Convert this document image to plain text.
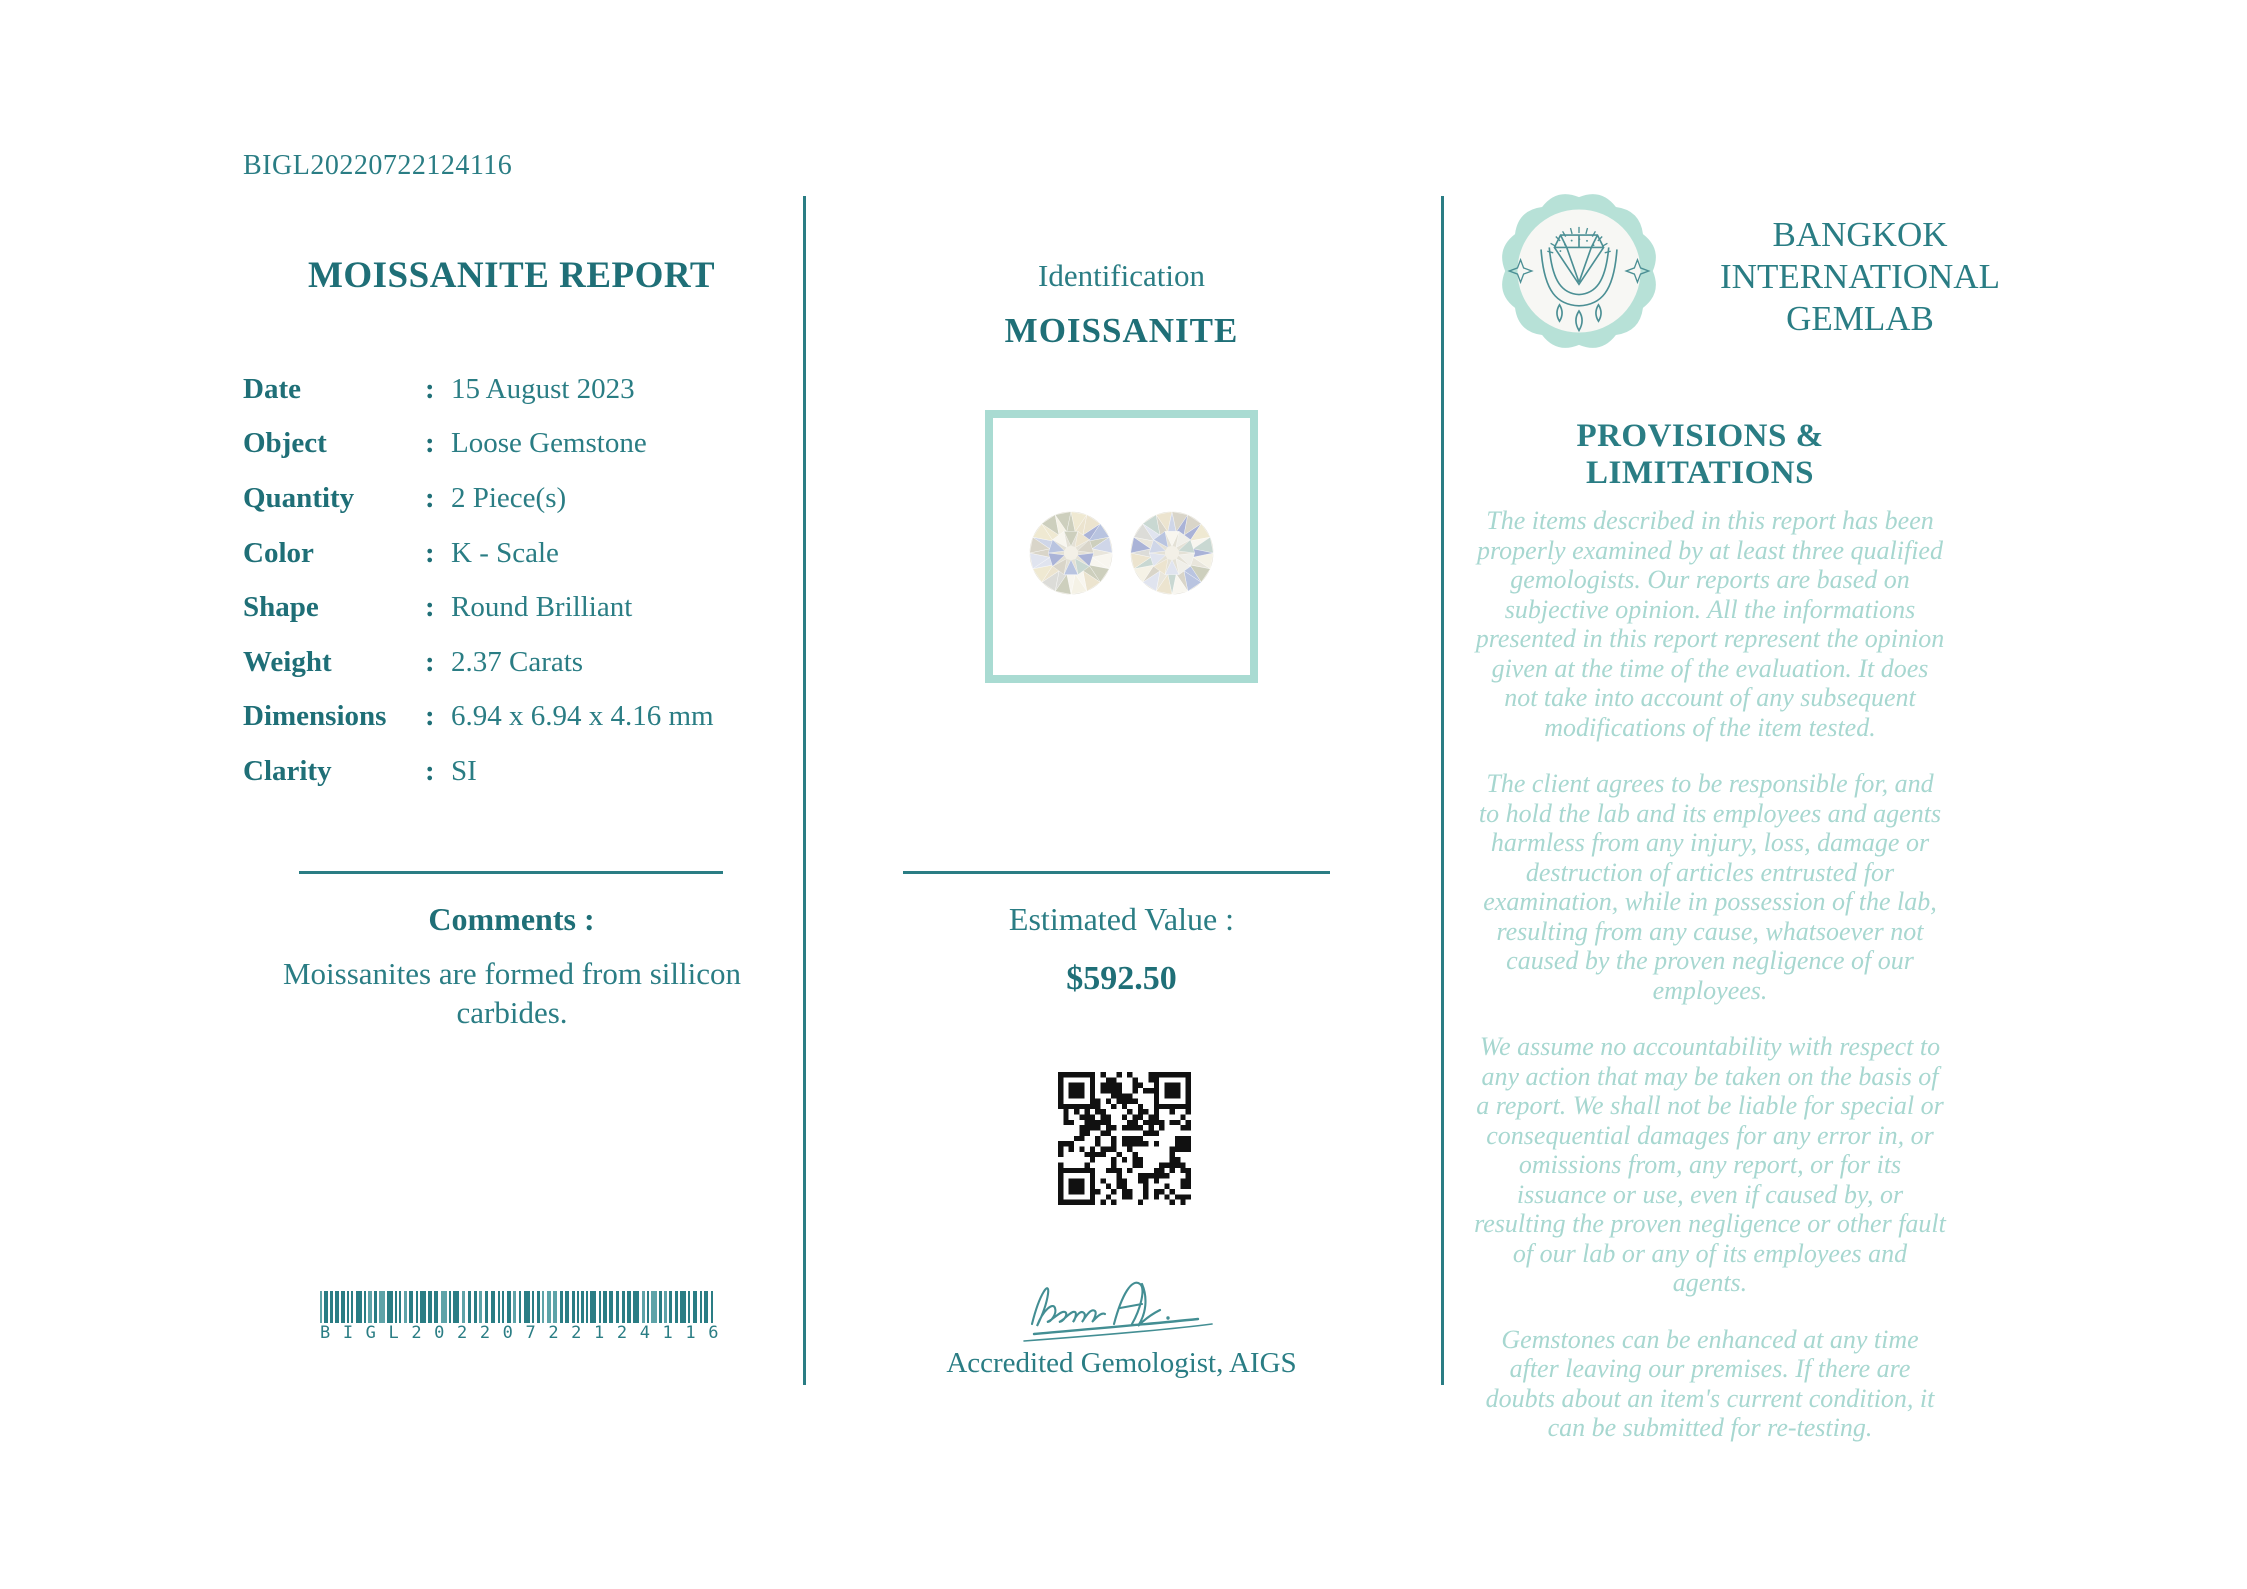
BIGL20220722124116
MOISSANITE REPORT
Date	: 15 August 2023
Object	: Loose Gemstone
Quantity	: 2 Piece(s)
Color	: K - Scale
Shape	: Round Brilliant
Weight	: 2.37 Carats
Dimensions	: 6.94 x 6.94 x 4.16 mm
Clarity	: SI
Comments :

Moissanites are formed from sillicon carbides.

BIGL20220722124116
Identification
MOISSANITE
Estimated Value :
$592.50
Accredited Gemologist, AIGS
BANGKOK
INTERNATIONAL
GEMLAB
PROVISIONS & LIMITATIONS

The items described in this report has been properly examined by at least three qualified gemologists. Our reports are based on subjective opinion. All the informations presented in this report represent the opinion given at the time of the evaluation. It does not take into account of any subsequent modifications of the item tested.

The client agrees to be responsible for, and to hold the lab and its employees and agents harmless from any injury, loss, damage or destruction of articles entrusted for examination, while in possession of the lab, resulting from any cause, whatsoever not caused by the proven negligence of our employees.

We assume no accountability with respect to any action that may be taken on the basis of a report. We shall not be liable for special or consequential damages for any error in, or omissions from, any report, or for its issuance or use, even if caused by, or resulting the proven negligence or other fault of our lab or any of its employees and agents.

Gemstones can be enhanced at any time after leaving our premises. If there are doubts about an item's current condition, it can be submitted for re-testing.
